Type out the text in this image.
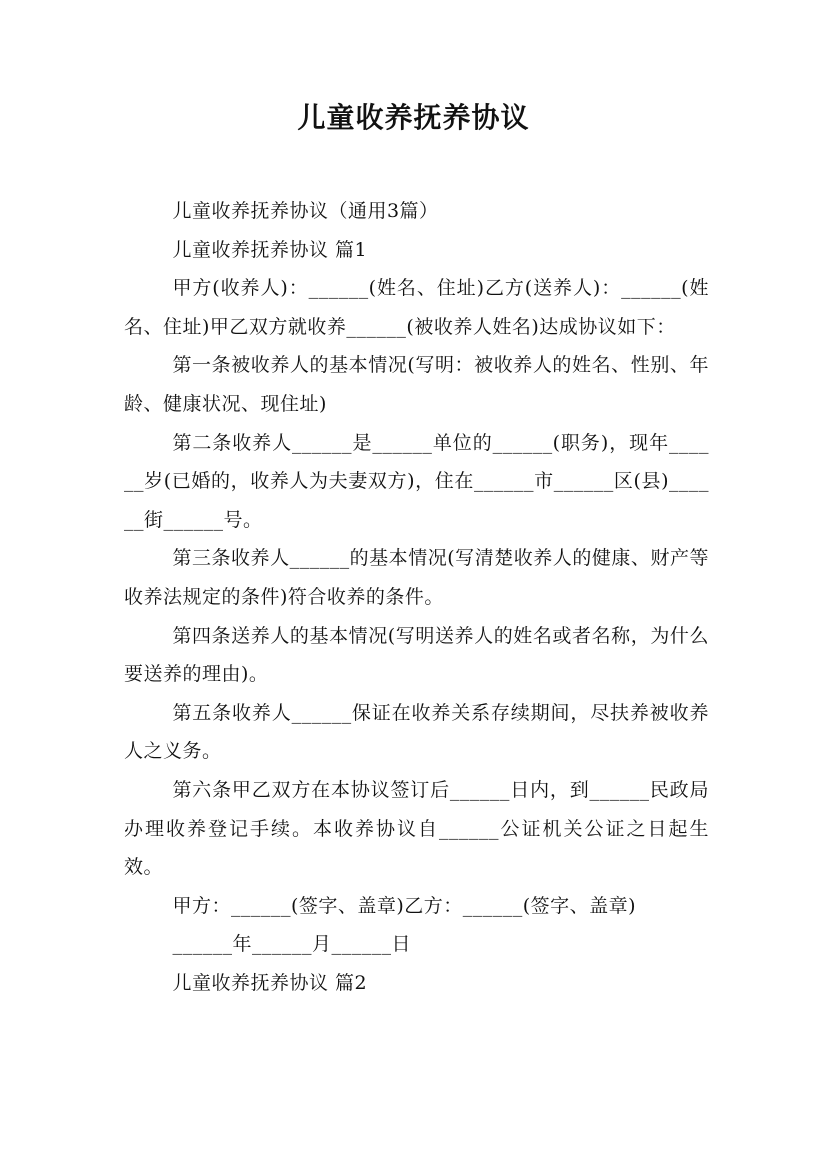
儿童收养抚养协议

儿童收养抚养协议（通用3篇）

儿童收养抚养协议 篇1

甲方(收养人)：______(姓名、住址)乙方(送养人)：______(姓名、住址)甲乙双方就收养______(被收养人姓名)达成协议如下：

第一条被收养人的基本情况(写明：被收养人的姓名、性别、年龄、健康状况、现住址)

第二条收养人______是______单位的______(职务)，现年______岁(已婚的，收养人为夫妻双方)，住在______市______区(县)______街______号。

第三条收养人______的基本情况(写清楚收养人的健康、财产等收养法规定的条件)符合收养的条件。

第四条送养人的基本情况(写明送养人的姓名或者名称，为什么要送养的理由)。

第五条收养人______保证在收养关系存续期间，尽扶养被收养人之义务。

第六条甲乙双方在本协议签订后______日内，到______民政局办理收养登记手续。本收养协议自______公证机关公证之日起生效。

甲方：______(签字、盖章)乙方：______(签字、盖章)

______年______月______日

儿童收养抚养协议 篇2
